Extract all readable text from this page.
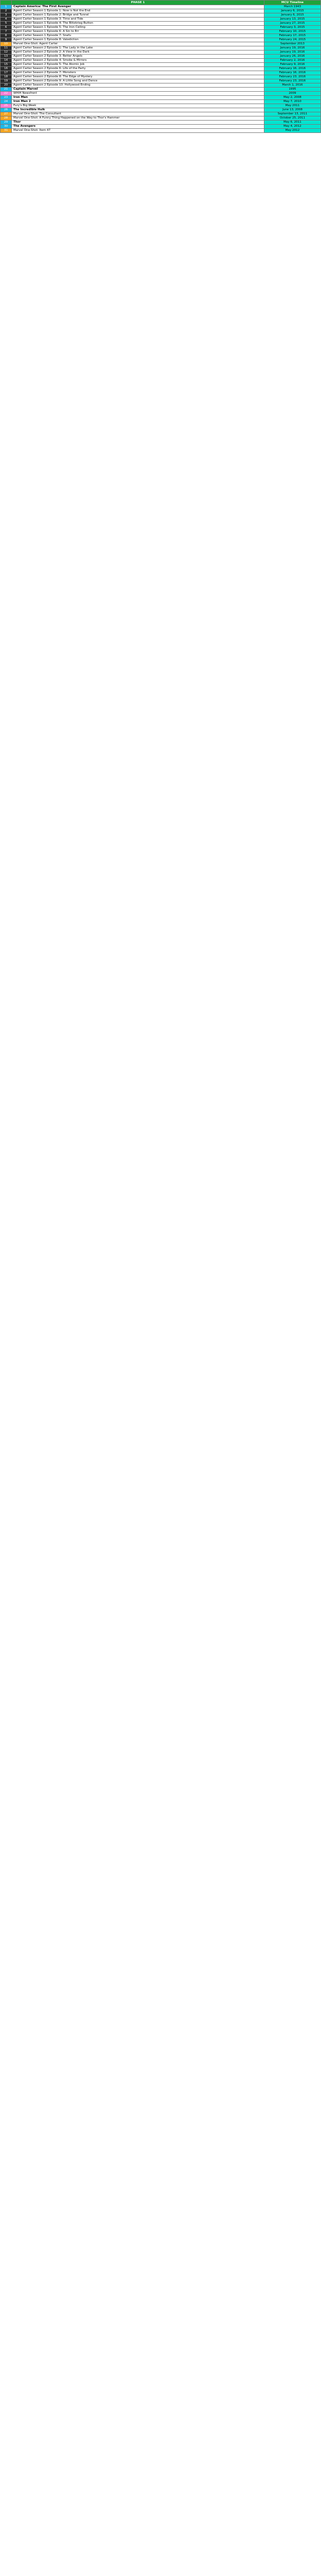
	PHASE 1	MCU Timeline
1	Captain America: The First Avenger	March 1943
2	Agent Carter Season 1 Episode 1: Now is Not the End	January 6, 2015
3	Agent Carter Season 1 Episode 2: Bridge and Tunnel	January 6, 2015
4	Agent Carter Season 1 Episode 3: Time and Tide	January 13, 2015
5	Agent Carter Season 1 Episode 4: The Blitzkrieg Button	January 27, 2015
6	Agent Carter Season 1 Episode 5: The Iron Ceiling	February 3, 2015
7	Agent Carter Season 1 Episode 6: A Sin to Err	February 10, 2015
8	Agent Carter Season 1 Episode 7: Snafu	February 17, 2015
9	Agent Carter Season 1 Episode 8: Valediction	February 24, 2015
10	Marvel One-Shot: Agent Carter	September 2013
11	Agent Carter Season 2 Episode 1: The Lady in the Lake	January 19, 2016
12	Agent Carter Season 2 Episode 2: A View in the Dark	January 19, 2016
13	Agent Carter Season 2 Episode 3: Better Angels	January 26, 2016
14	Agent Carter Season 2 Episode 4: Smoke & Mirrors	February 2, 2016
15	Agent Carter Season 2 Episode 5: The Atomic Job	February 9, 2016
16	Agent Carter Season 2 Episode 6: Life of the Party	February 16, 2016
17	Agent Carter Season 2 Episode 7: Monsters	February 16, 2016
18	Agent Carter Season 2 Episode 8: The Edge of Mystery	February 23, 2016
19	Agent Carter Season 2 Episode 9: A Little Song and Dance	February 23, 2016
20	Agent Carter Season 2 Episode 10: Hollywood Ending	March 1, 2016
21	Captain Marvel	1995
22	WHIH Newsfront	2009
23	Iron Man	May 2, 2008
24	Iron Man 2	May 7, 2010
25	Fury's Big Week	May 2011
26	The Incredible Hulk	June 13, 2008
27	Marvel One-Shot: The Consultant	September 13, 2011
28	Marvel One-Shot: A Funny Thing Happened on the Way to Thor's Hammer	October 25, 2011
29	Thor	May 6, 2011
30	The Avengers	May 4, 2012
31	Marvel One-Shot: Item 47	May 2012
